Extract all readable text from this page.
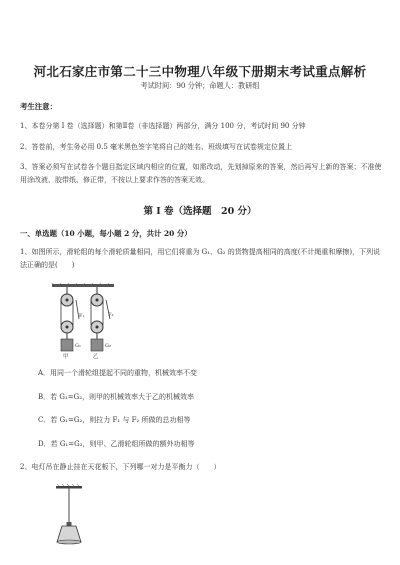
河北石家庄市第二十三中物理八年级下册期末考试重点解析
考试时间：90 分钟；命题人：教研组
考生注意：
1、本卷分第 I 卷（选择题）和第Ⅱ卷（非选择题）两部分，满分 100 分，考试时间 90 分钟
2、答卷前，考生务必用 0.5 毫米黑色签字笔将自己的姓名、班级填写在试卷规定位置上
3、答案必须写在试卷各个题目指定区域内相应的位置，如需改动，先划掉原来的答案，然后再写上新的答案；不准使用涂改液、胶带纸、修正带，不按以上要求作答的答案无效。
第 I 卷（选择题　20 分）
一、单选题（10 小题，每小题 2 分，共计 20 分）
1、如图所示，滑轮组的每个滑轮质量相同，用它们将重为 G₁、G₂ 的货物提高相同的高度(不计绳重和摩擦)，下列说法正确的是(　　)
F₁
G₁
甲
F₂
G₂
乙
A．用同一个滑轮组提起不同的重物，机械效率不变
B．若 G₁=G₂，则甲的机械效率大于乙的机械效率
C．若 G₁=G₂，则拉力 F₁ 与 F₂ 所做的总功相等
D．若 G₁=G₂，则甲、乙滑轮组所做的额外功相等
2、电灯吊在静止挂在天花板下，下列哪一对力是平衡力（　　）
